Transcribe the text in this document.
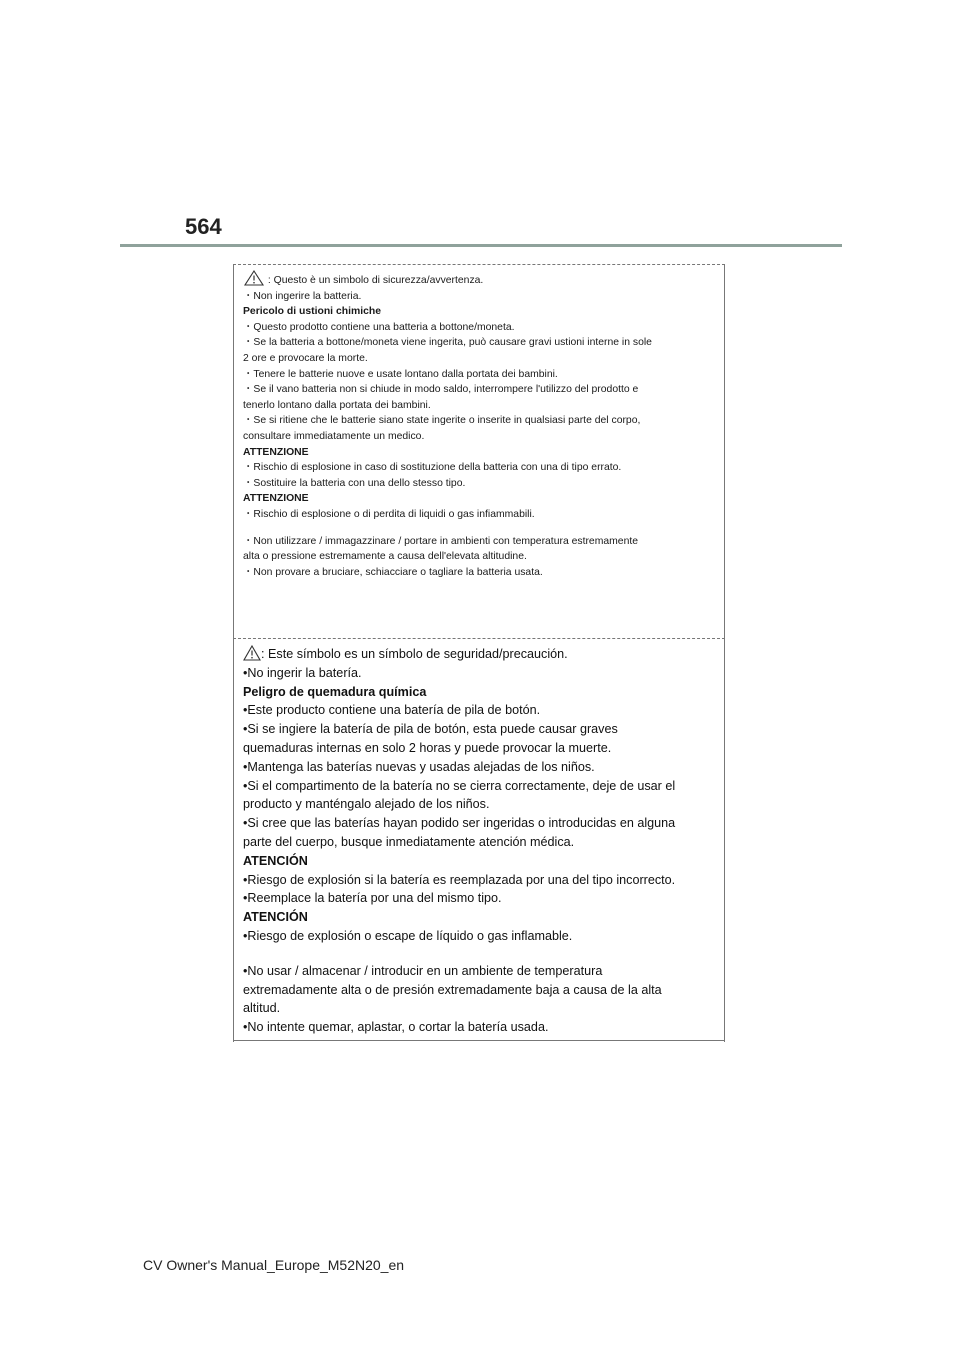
564
: Questo è un simbolo di sicurezza/avvertenza.
・Non ingerire la batteria.
Pericolo di ustioni chimiche
・Questo prodotto contiene una batteria a bottone/moneta.
・Se la batteria a bottone/moneta viene ingerita, può causare gravi ustioni interne in sole
2 ore e provocare la morte.
・Tenere le batterie nuove e usate lontano dalla portata dei bambini.
・Se il vano batteria non si chiude in modo saldo, interrompere l'utilizzo del prodotto e
tenerlo lontano dalla portata dei bambini.
・Se si ritiene che le batterie siano state ingerite o inserite in qualsiasi parte del corpo,
consultare immediatamente un medico.
ATTENZIONE
・Rischio di esplosione in caso di sostituzione della batteria con una di tipo errato.
・Sostituire la batteria con una dello stesso tipo.
ATTENZIONE
・Rischio di esplosione o di perdita di liquidi o gas infiammabili.
・Non utilizzare / immagazzinare / portare in ambienti con temperatura estremamente
alta o pressione estremamente a causa dell'elevata altitudine.
・Non provare a bruciare, schiacciare o tagliare la batteria usata.
: Este símbolo es un símbolo de seguridad/precaución.
•No ingerir la batería.
Peligro de quemadura química
•Este producto contiene una batería de pila de botón.
•Si se ingiere la batería de pila de botón, esta puede causar graves
quemaduras internas en solo 2 horas y puede provocar la muerte.
•Mantenga las baterías nuevas y usadas alejadas de los niños.
•Si el compartimento de la batería no se cierra correctamente, deje de usar el
producto y manténgalo alejado de los niños.
•Si cree que las baterías hayan podido ser ingeridas o introducidas en alguna
parte del cuerpo, busque inmediatamente atención médica.
ATENCIÓN
•Riesgo de explosión si la batería es reemplazada por una del tipo incorrecto.
•Reemplace la batería por una del mismo tipo.
ATENCIÓN
•Riesgo de explosión o escape de líquido o gas inflamable.
•No usar / almacenar / introducir en un ambiente de temperatura
extremadamente alta o de presión extremadamente baja a causa de la alta
altitud.
•No intente quemar, aplastar, o cortar la batería usada.
CV Owner's Manual_Europe_M52N20_en
